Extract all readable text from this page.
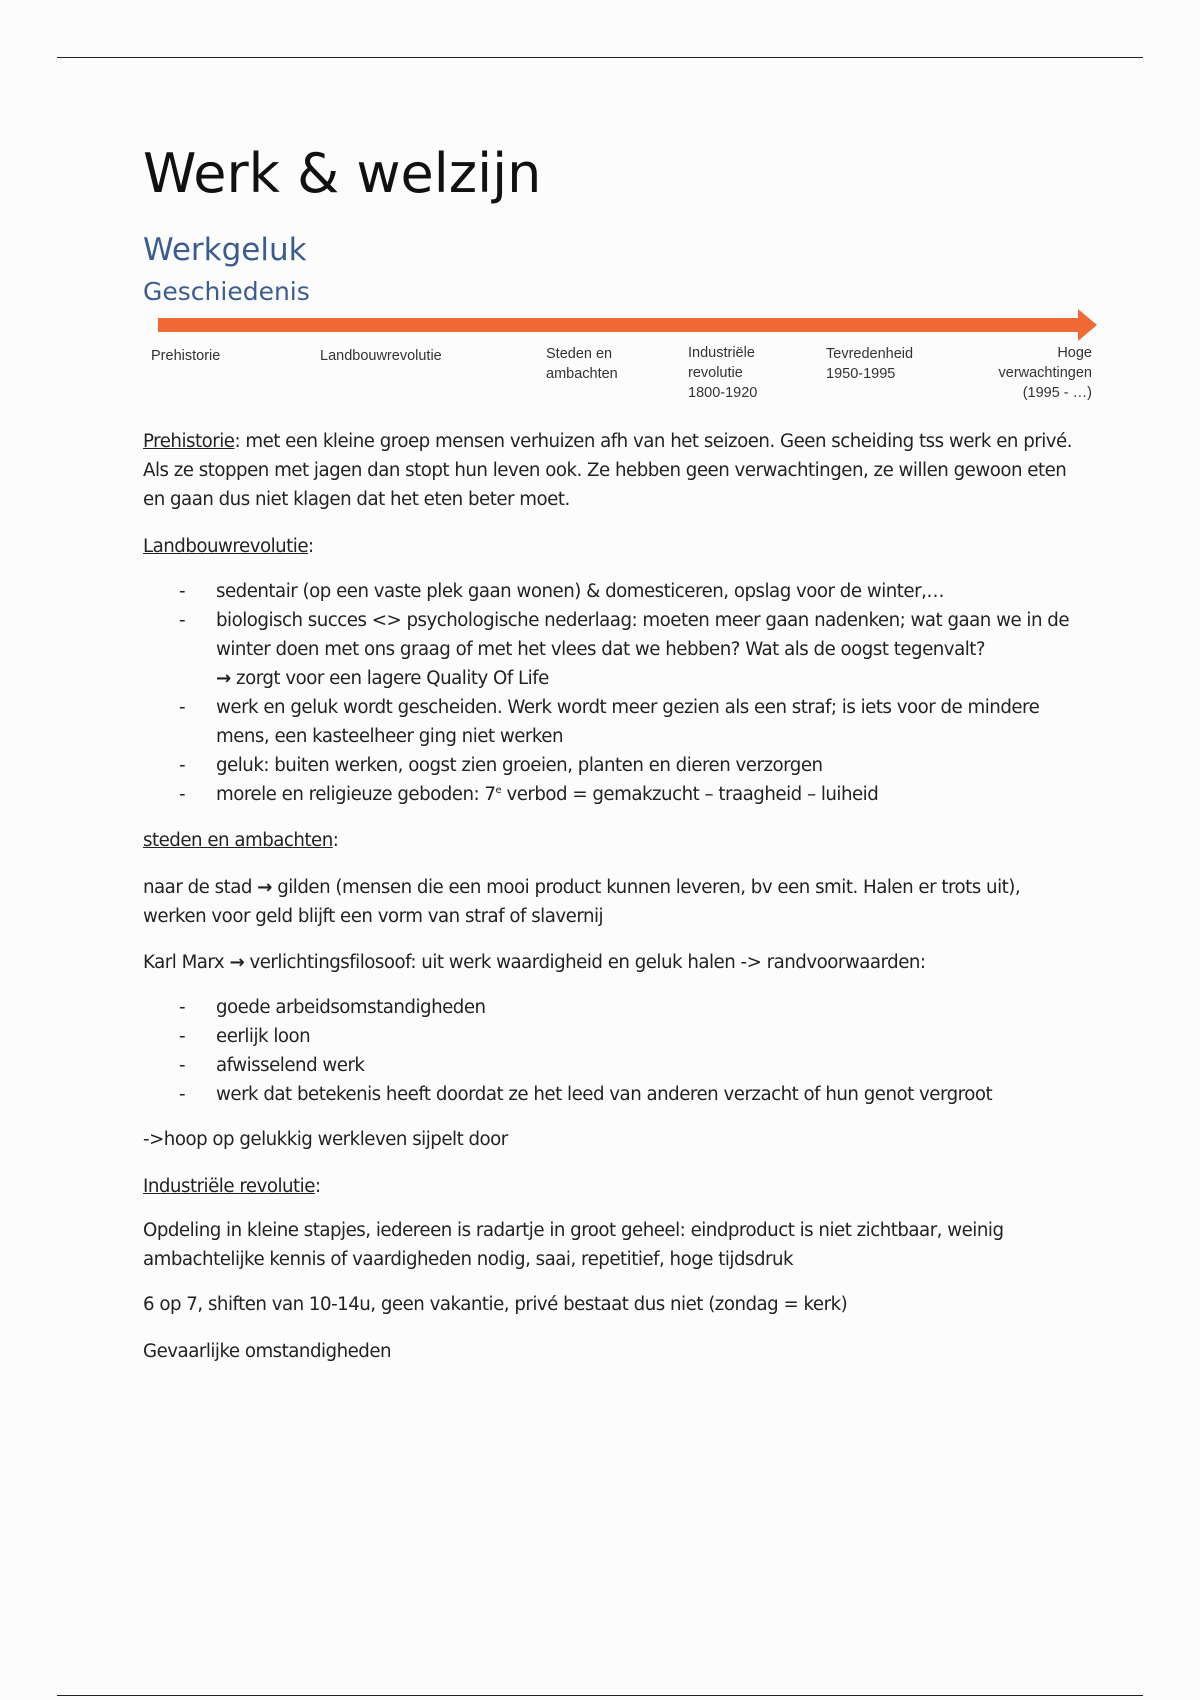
Werk & welzijn
Werkgeluk
Geschiedenis

Prehistorie: met een kleine groep mensen verhuizen afh van het seizoen. Geen scheiding tss werk en privé. Als ze stoppen met jagen dan stopt hun leven ook. Ze hebben geen verwachtingen, ze willen gewoon eten en gaan dus niet klagen dat het eten beter moet.

Landbouwrevolutie:

- sedentair (op een vaste plek gaan wonen) & domesticeren, opslag voor de winter,…
- biologisch succes <> psychologische nederlaag: moeten meer gaan nadenken; wat gaan we in de winter doen met ons graag of met het vlees dat we hebben? Wat als de oogst tegenvalt?
→ zorgt voor een lagere Quality Of Life
- werk en geluk wordt gescheiden. Werk wordt meer gezien als een straf; is iets voor de mindere mens, een kasteelheer ging niet werken
- geluk: buiten werken, oogst zien groeien, planten en dieren verzorgen
- morele en religieuze geboden: 7e verbod = gemakzucht – traagheid – luiheid

steden en ambachten:

naar de stad → gilden (mensen die een mooi product kunnen leveren, bv een smit. Halen er trots uit), werken voor geld blijft een vorm van straf of slavernij

Karl Marx → verlichtingsfilosoof: uit werk waardigheid en geluk halen -> randvoorwaarden:

- goede arbeidsomstandigheden
- eerlijk loon
- afwisselend werk
- werk dat betekenis heeft doordat ze het leed van anderen verzacht of hun genot vergroot

->hoop op gelukkig werkleven sijpelt door

Industriële revolutie:

Opdeling in kleine stapjes, iedereen is radartje in groot geheel: eindproduct is niet zichtbaar, weinig ambachtelijke kennis of vaardigheden nodig, saai, repetitief, hoge tijdsdruk

6 op 7, shiften van 10-14u, geen vakantie, privé bestaat dus niet (zondag = kerk)

Gevaarlijke omstandigheden

Prehistorie	Landbouwrevolutie	Steden en
ambachten
Industriële
revolutie
1800-1920
Tevredenheid
1950-1995
Hoge
verwachtingen
(1995 - …)
